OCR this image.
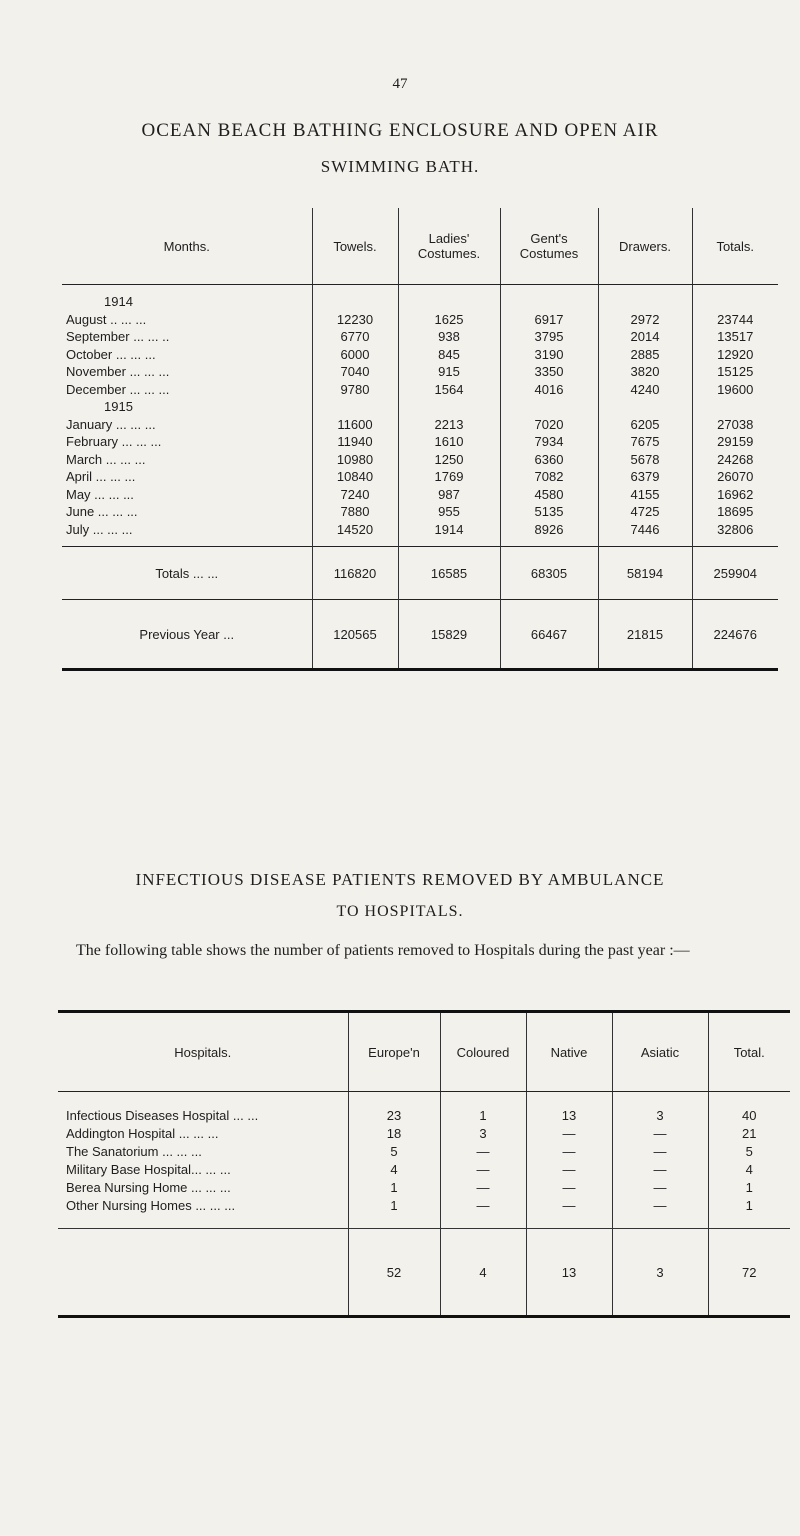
47
OCEAN BEACH BATHING ENCLOSURE AND OPEN AIR
SWIMMING BATH.
Months.	Towels.	Ladies' Costumes.	Gent's Costumes	Drawers.	Totals.

1914					
August .. ... ...	12230	1625	6917	2972	23744
September ... ... ..	6770	938	3795	2014	13517
October ... ... ...	6000	845	3190	2885	12920
November ... ... ...	7040	915	3350	3820	15125
December ... ... ...	9780	1564	4016	4240	19600
1915					
January ... ... ...	11600	2213	7020	6205	27038
February ... ... ...	11940	1610	7934	7675	29159
March ... ... ...	10980	1250	6360	5678	24268
April ... ... ...	10840	1769	7082	6379	26070
May ... ... ...	7240	987	4580	4155	16962
June ... ... ...	7880	955	5135	4725	18695
July ... ... ...	14520	1914	8926	7446	32806

Totals ... ...	116820	16585	68305	58194	259904
Previous Year ...	120565	15829	66467	21815	224676
INFECTIOUS DISEASE PATIENTS REMOVED BY AMBULANCE
TO HOSPITALS.
The following table shows the number of patients removed to Hospitals during the past year :—
Hospitals.	Europe'n	Coloured	Native	Asiatic	Total.

Infectious Diseases Hospital ... ...	23	1	13	3	40
Addington Hospital ... ... ...	18	3	—	—	21
The Sanatorium ... ... ...	5	—	—	—	5
Military Base Hospital... ... ...	4	—	—	—	4
Berea Nursing Home ... ... ...	1	—	—	—	1
Other Nursing Homes ... ... ...	1	—	—	—	1

	52	4	13	3	72
